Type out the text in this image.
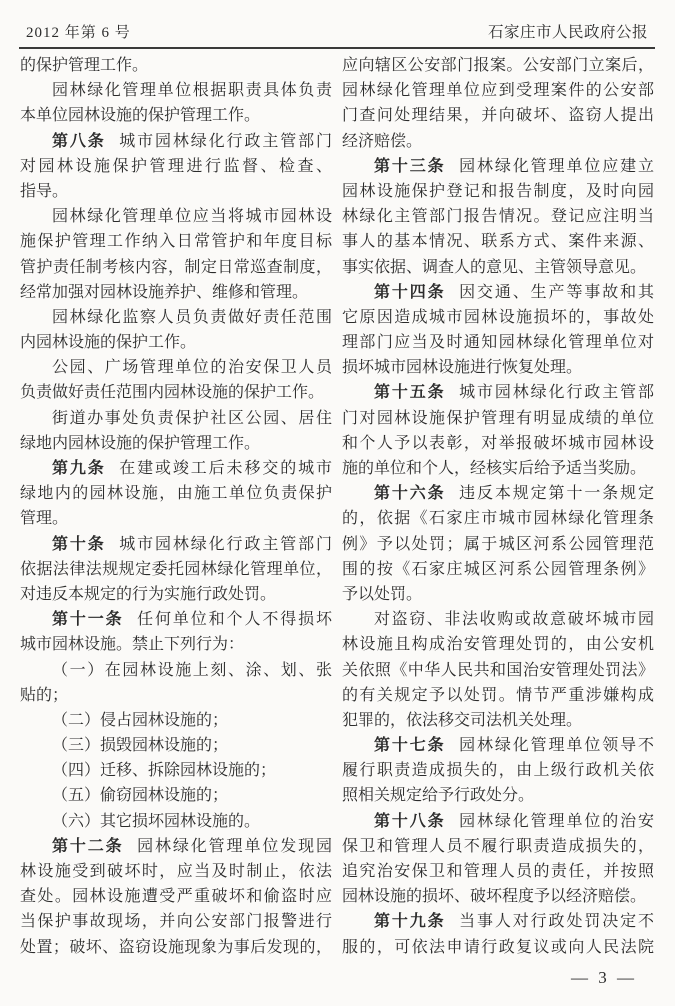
2012 年第 6 号	石家庄市人民政府公报
的保护管理工作。
园林绿化管理单位根据职责具体负责
本单位园林设施的保护管理工作。
第八条 城市园林绿化行政主管部门
对园林设施保护管理进行监督、检查、
指导。
园林绿化管理单位应当将城市园林设
施保护管理工作纳入日常管护和年度目标
管护责任制考核内容，制定日常巡查制度，
经常加强对园林设施养护、维修和管理。
园林绿化监察人员负责做好责任范围
内园林设施的保护工作。
公园、广场管理单位的治安保卫人员
负责做好责任范围内园林设施的保护工作。
街道办事处负责保护社区公园、居住
绿地内园林设施的保护管理工作。
第九条 在建或竣工后未移交的城市
绿地内的园林设施，由施工单位负责保护
管理。
第十条 城市园林绿化行政主管部门
依据法律法规规定委托园林绿化管理单位，
对违反本规定的行为实施行政处罚。
第十一条 任何单位和个人不得损坏
城市园林设施。禁止下列行为：
（一）在园林设施上刻、涂、划、张
贴的；
（二）侵占园林设施的；
（三）损毁园林设施的；
（四）迁移、拆除园林设施的；
（五）偷窃园林设施的；
（六）其它损坏园林设施的。
第十二条 园林绿化管理单位发现园
林设施受到破坏时，应当及时制止，依法
查处。园林设施遭受严重破坏和偷盗时应
当保护事故现场，并向公安部门报警进行
处置；破坏、盗窃设施现象为事后发现的，
应向辖区公安部门报案。公安部门立案后，
园林绿化管理单位应到受理案件的公安部
门查问处理结果，并向破坏、盗窃人提出
经济赔偿。
第十三条 园林绿化管理单位应建立
园林设施保护登记和报告制度，及时向园
林绿化主管部门报告情况。登记应注明当
事人的基本情况、联系方式、案件来源、
事实依据、调查人的意见、主管领导意见。
第十四条 因交通、生产等事故和其
它原因造成城市园林设施损坏的，事故处
理部门应当及时通知园林绿化管理单位对
损坏城市园林设施进行恢复处理。
第十五条 城市园林绿化行政主管部
门对园林设施保护管理有明显成绩的单位
和个人予以表彰，对举报破坏城市园林设
施的单位和个人，经核实后给予适当奖励。
第十六条 违反本规定第十一条规定
的，依据《石家庄市城市园林绿化管理条
例》予以处罚；属于城区河系公园管理范
围的按《石家庄城区河系公园管理条例》
予以处罚。
对盗窃、非法收购或故意破坏城市园
林设施且构成治安管理处罚的，由公安机
关依照《中华人民共和国治安管理处罚法》
的有关规定予以处罚。情节严重涉嫌构成
犯罪的，依法移交司法机关处理。
第十七条 园林绿化管理单位领导不
履行职责造成损失的，由上级行政机关依
照相关规定给予行政处分。
第十八条 园林绿化管理单位的治安
保卫和管理人员不履行职责造成损失的，
追究治安保卫和管理人员的责任，并按照
园林设施的损坏、破坏程度予以经济赔偿。
第十九条 当事人对行政处罚决定不
服的，可依法申请行政复议或向人民法院
— 3 —
